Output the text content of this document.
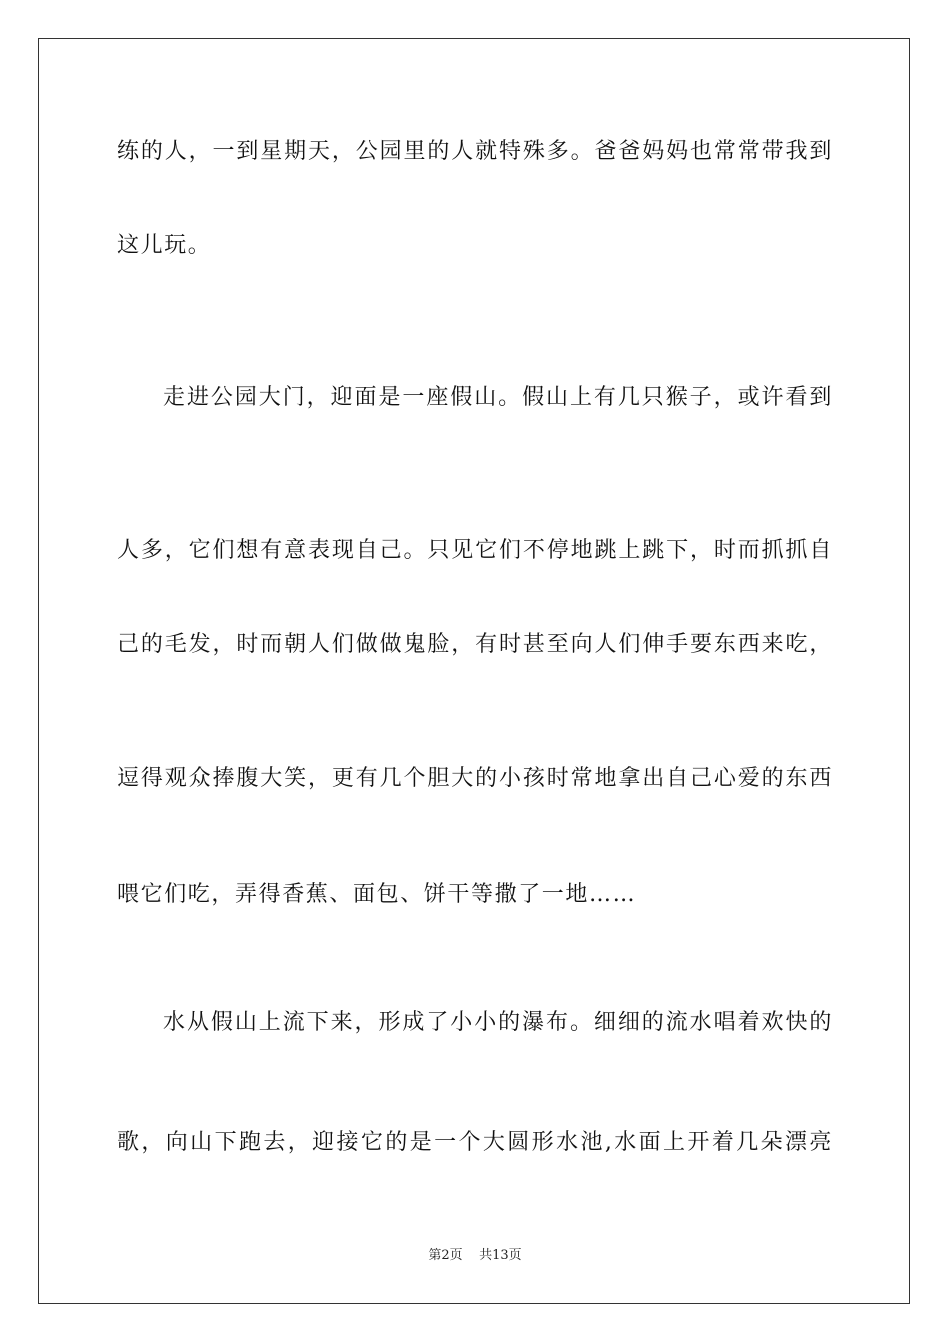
练的人，一到星期天，公园里的人就特殊多。爸爸妈妈也常常带我到
这儿玩。
走进公园大门，迎面是一座假山。假山上有几只猴子，或许看到
人多，它们想有意表现自己。只见它们不停地跳上跳下，时而抓抓自
己的毛发，时而朝人们做做鬼脸，有时甚至向人们伸手要东西来吃，
逗得观众捧腹大笑，更有几个胆大的小孩时常地拿出自己心爱的东西
喂它们吃，弄得香蕉、面包、饼干等撒了一地……
水从假山上流下来，形成了小小的瀑布。细细的流水唱着欢快的
歌，向山下跑去，迎接它的是一个大圆形水池,水面上开着几朵漂亮
第2页 共13页
